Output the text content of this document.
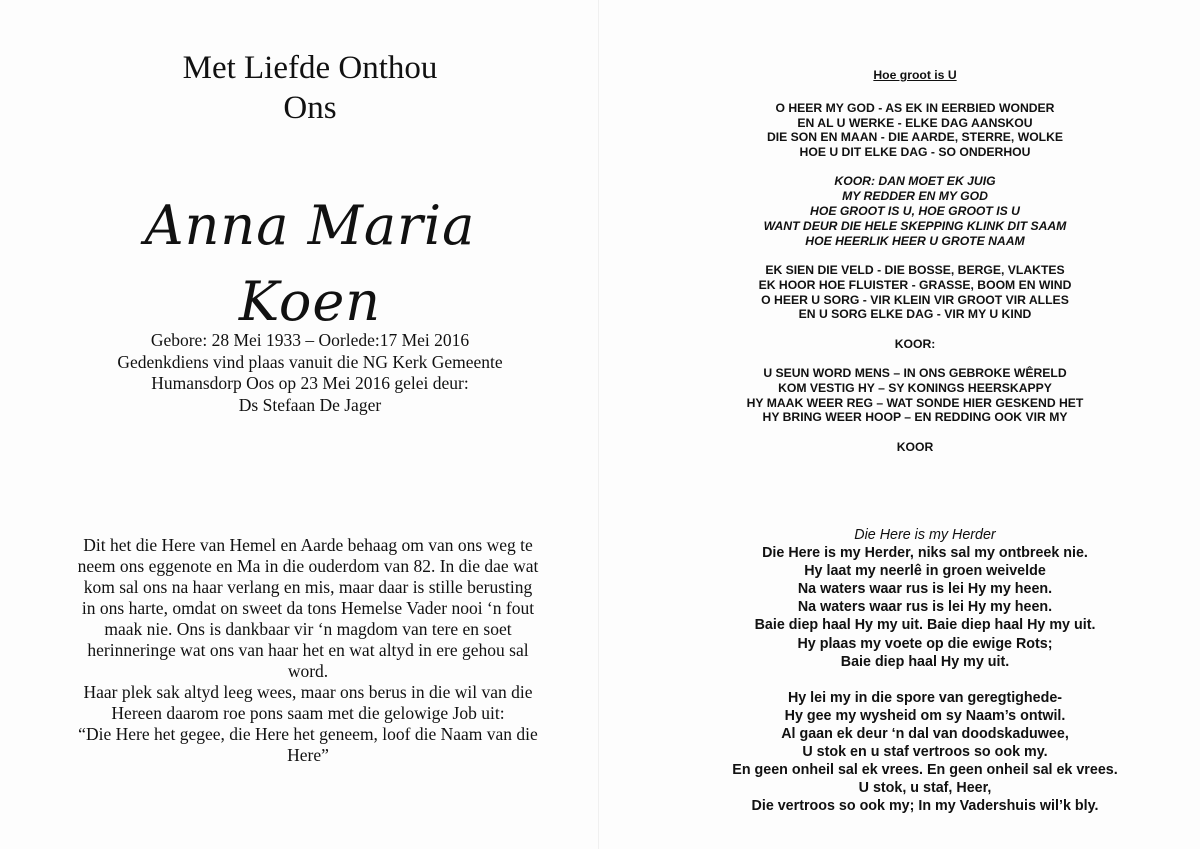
Met Liefde Onthou
Ons
Anna Maria
Koen
Gebore: 28 Mei 1933 – Oorlede:17 Mei 2016
Gedenkdiens vind plaas vanuit die NG Kerk Gemeente
Humansdorp Oos op 23 Mei 2016 gelei deur:
Ds Stefaan De Jager
Dit het die Here van Hemel en Aarde behaag om van ons weg te
neem ons eggenote en Ma in die ouderdom van 82. In die dae wat
kom sal ons na haar verlang en mis, maar daar is stille berusting
in ons harte, omdat on sweet da tons Hemelse Vader nooi ‘n fout
maak nie. Ons is dankbaar vir ‘n magdom van tere en soet
herinneringe wat ons van haar het en wat altyd in ere gehou sal
word.
Haar plek sak altyd leeg wees, maar ons berus in die wil van die
Hereen daarom roe pons saam met die gelowige Job uit:
“Die Here het gegee, die Here het geneem, loof die Naam van die
Here”
Hoe groot is U
O HEER MY GOD - AS EK IN EERBIED WONDER
EN AL U WERKE - ELKE DAG AANSKOU
DIE SON EN MAAN - DIE AARDE, STERRE, WOLKE
HOE U DIT ELKE DAG - SO ONDERHOU
KOOR: DAN MOET EK JUIG
MY REDDER EN MY GOD
HOE GROOT IS U, HOE GROOT IS U
WANT DEUR DIE HELE SKEPPING KLINK DIT SAAM
HOE HEERLIK HEER U GROTE NAAM
EK SIEN DIE VELD - DIE BOSSE, BERGE, VLAKTES
EK HOOR HOE FLUISTER - GRASSE, BOOM EN WIND
O HEER U SORG - VIR KLEIN VIR GROOT VIR ALLES
EN U SORG ELKE DAG - VIR MY U KIND
KOOR:
U SEUN WORD MENS – IN ONS GEBROKE WÊRELD
KOM VESTIG HY – SY KONINGS HEERSKAPPY
HY MAAK WEER REG – WAT SONDE HIER GESKEND HET
HY BRING WEER HOOP – EN REDDING OOK VIR MY
KOOR
Die Here is my Herder
Die Here is my Herder, niks sal my ontbreek nie.
Hy laat my neerlê in groen weivelde
Na waters waar rus is lei Hy my heen.
Na waters waar rus is lei Hy my heen.
Baie diep haal Hy my uit. Baie diep haal Hy my uit.
Hy plaas my voete op die ewige Rots;
Baie diep haal Hy my uit.
Hy lei my in die spore van geregtighede-
Hy gee my wysheid om sy Naam’s ontwil.
Al gaan ek deur ‘n dal van doodskaduwee,
U stok en u staf vertroos so ook my.
En geen onheil sal ek vrees. En geen onheil sal ek vrees.
U stok, u staf, Heer,
Die vertroos so ook my; In my Vadershuis wil’k bly.
